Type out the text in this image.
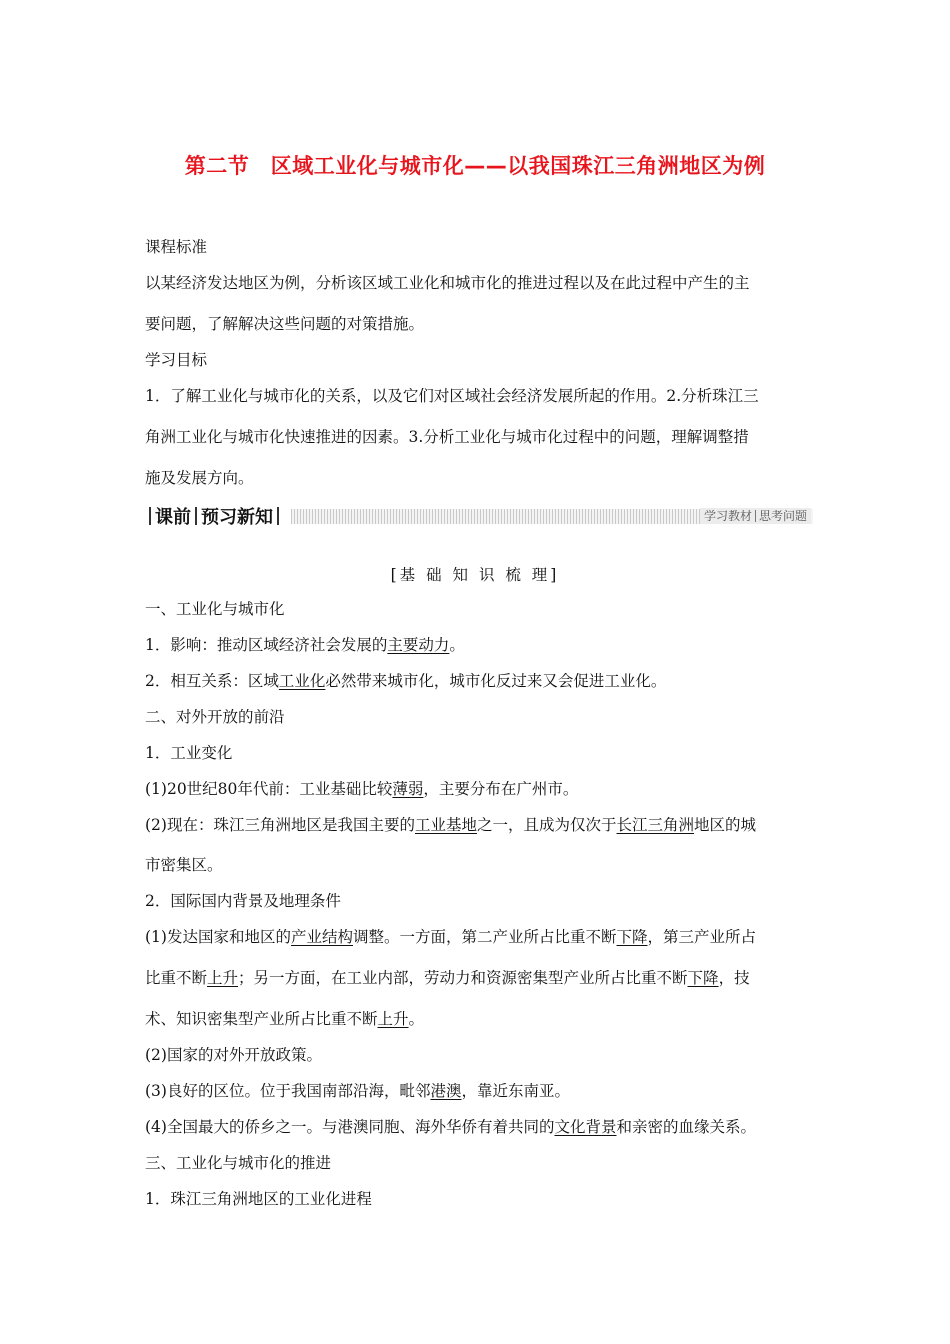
第二节　区域工业化与城市化——以我国珠江三角洲地区为例
课程标准
以某经济发达地区为例，分析该区域工业化和城市化的推进过程以及在此过程中产生的主
要问题，了解解决这些问题的对策措施。
学习目标
1．了解工业化与城市化的关系，以及它们对区域社会经济发展所起的作用。2.分析珠江三
角洲工业化与城市化快速推进的因素。3.分析工业化与城市化过程中的问题，理解调整措
施及发展方向。
课前 预习新知	学习教材 思考问题
[基 础 知 识 梳 理]
一、工业化与城市化
1．影响：推动区域经济社会发展的主要动力。
2．相互关系：区域工业化必然带来城市化，城市化反过来又会促进工业化。
二、对外开放的前沿
1．工业变化
(1)20世纪80年代前：工业基础比较薄弱，主要分布在广州市。
(2)现在：珠江三角洲地区是我国主要的工业基地之一，且成为仅次于长江三角洲地区的城
市密集区。
2．国际国内背景及地理条件
(1)发达国家和地区的产业结构调整。一方面，第二产业所占比重不断下降，第三产业所占
比重不断上升；另一方面，在工业内部，劳动力和资源密集型产业所占比重不断下降，技
术、知识密集型产业所占比重不断上升。
(2)国家的对外开放政策。
(3)良好的区位。位于我国南部沿海，毗邻港澳，靠近东南亚。
(4)全国最大的侨乡之一。与港澳同胞、海外华侨有着共同的文化背景和亲密的血缘关系。
三、工业化与城市化的推进
1．珠江三角洲地区的工业化进程
